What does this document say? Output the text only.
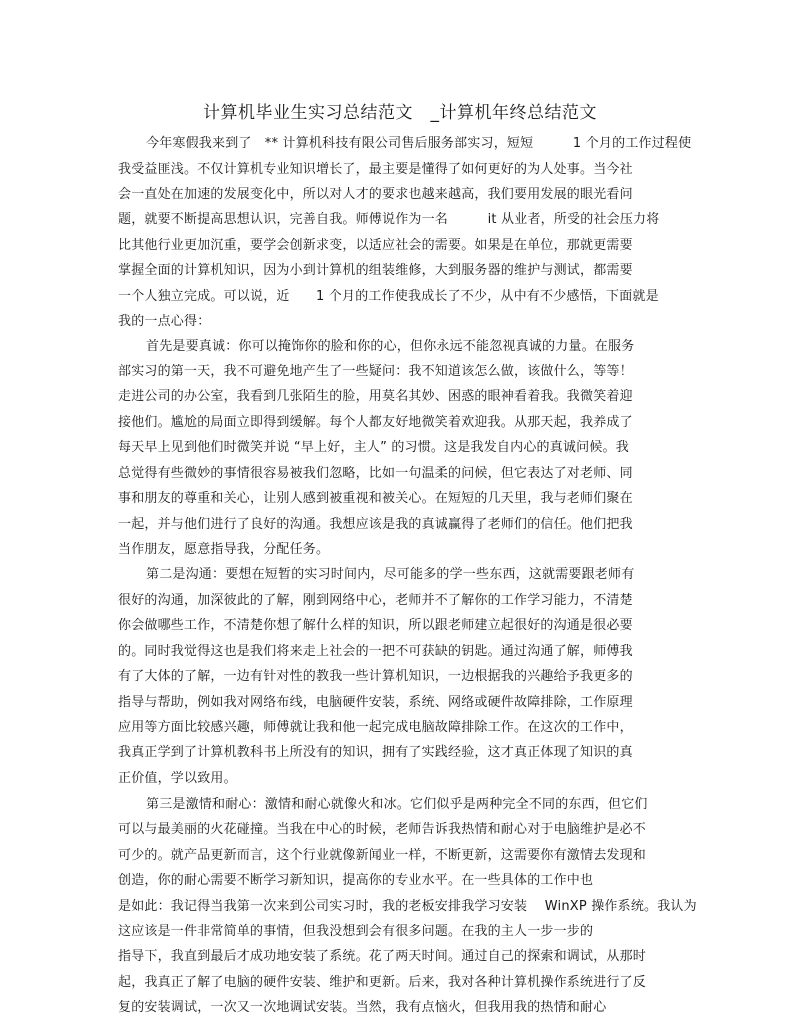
计算机毕业生实习总结范文　_计算机年终总结范文
今年寒假我来到了　** 计算机科技有限公司售后服务部实习，短短　　　1 个月的工作过程使
我受益匪浅。不仅计算机专业知识增长了，最主要是懂得了如何更好的为人处事。当今社
会一直处在加速的发展变化中，所以对人才的要求也越来越高，我们要用发展的眼光看问
题，就要不断提高思想认识，完善自我。师傅说作为一名　　　it 从业者，所受的社会压力将
比其他行业更加沉重，要学会创新求变，以适应社会的需要。如果是在单位，那就更需要
掌握全面的计算机知识，因为小到计算机的组装维修，大到服务器的维护与测试，都需要
一个人独立完成。可以说，近　　1 个月的工作使我成长了不少，从中有不少感悟，下面就是
我的一点心得：
首先是要真诚：你可以掩饰你的脸和你的心，但你永远不能忽视真诚的力量。在服务
部实习的第一天，我不可避免地产生了一些疑问：我不知道该怎么做，该做什么，等等！
走进公司的办公室，我看到几张陌生的脸，用莫名其妙、困惑的眼神看着我。我微笑着迎
接他们。尴尬的局面立即得到缓解。每个人都友好地微笑着欢迎我。从那天起，我养成了
每天早上见到他们时微笑并说 “早上好，主人” 的习惯。这是我发自内心的真诚问候。我
总觉得有些微妙的事情很容易被我们忽略，比如一句温柔的问候，但它表达了对老师、同
事和朋友的尊重和关心，让别人感到被重视和被关心。在短短的几天里，我与老师们聚在
一起，并与他们进行了良好的沟通。我想应该是我的真诚赢得了老师们的信任。他们把我
当作朋友，愿意指导我，分配任务。
第二是沟通：要想在短暂的实习时间内，尽可能多的学一些东西，这就需要跟老师有
很好的沟通，加深彼此的了解，刚到网络中心，老师并不了解你的工作学习能力，不清楚
你会做哪些工作，不清楚你想了解什么样的知识，所以跟老师建立起很好的沟通是很必要
的。同时我觉得这也是我们将来走上社会的一把不可获缺的钥匙。通过沟通了解，师傅我
有了大体的了解，一边有针对性的教我一些计算机知识，一边根据我的兴趣给予我更多的
指导与帮助，例如我对网络布线，电脑硬件安装，系统、网络或硬件故障排除，工作原理
应用等方面比较感兴趣，师傅就让我和他一起完成电脑故障排除工作。在这次的工作中，
我真正学到了计算机教科书上所没有的知识，拥有了实践经验，这才真正体现了知识的真
正价值，学以致用。
第三是激情和耐心：激情和耐心就像火和冰。它们似乎是两种完全不同的东西，但它们
可以与最美丽的火花碰撞。当我在中心的时候，老师告诉我热情和耐心对于电脑维护是必不
可少的。就产品更新而言，这个行业就像新闻业一样，不断更新，这需要你有激情去发现和
创造，你的耐心需要不断学习新知识，提高你的专业水平。在一些具体的工作中也
是如此：我记得当我第一次来到公司实习时，我的老板安排我学习安装　 WinXP 操作系统。我认为
这应该是一件非常简单的事情，但我没想到会有很多问题。在我的主人一步一步的
指导下，我直到最后才成功地安装了系统。花了两天时间。通过自己的探索和调试，从那时
起，我真正了解了电脑的硬件安装、维护和更新。后来，我对各种计算机操作系统进行了反
复的安装调试，一次又一次地调试安装。当然，我有点恼火，但我用我的热情和耐心
